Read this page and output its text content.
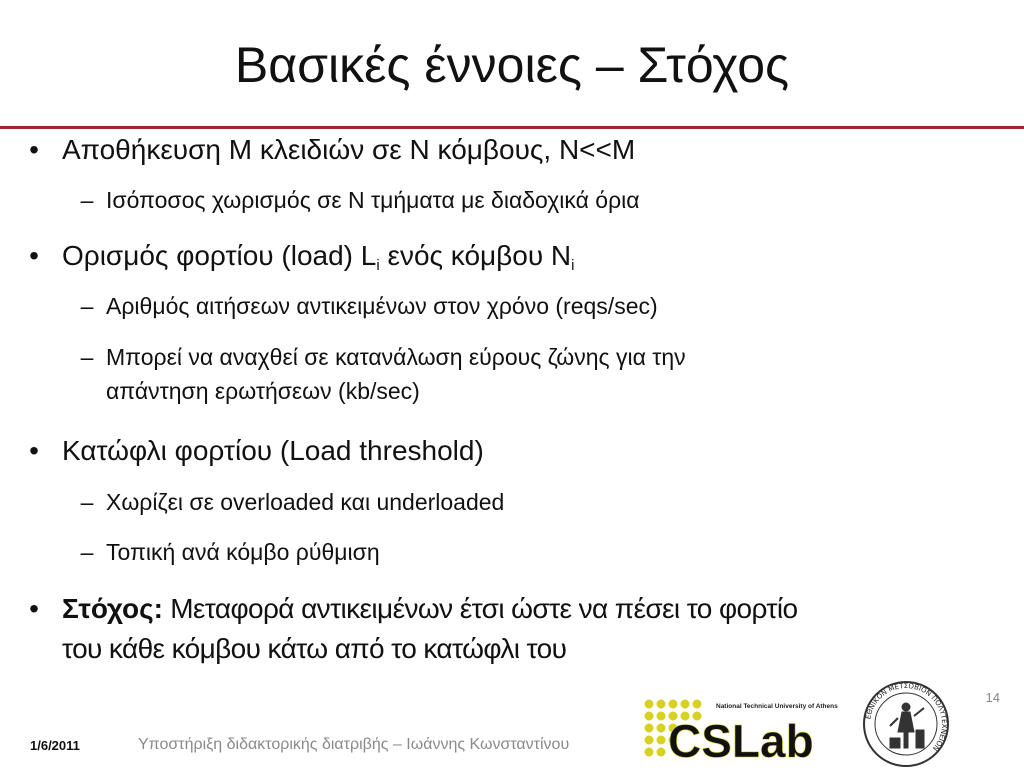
Βασικές έννοιες – Στόχος
• Αποθήκευση Μ κλειδιών σε Ν κόμβους, Ν<<Μ
– Ισόποσος χωρισμός σε Ν τμήματα με διαδοχικά όρια
• Ορισμός φορτίου (load) $L_i$ ενός κόμβου $N_i$
– Αριθμός αιτήσεων αντικειμένων στον χρόνο (reqs/sec)
– Μπορεί να αναχθεί σε κατανάλωση εύρους ζώνης για την
απάντηση ερωτήσεων (kb/sec)
• Κατώφλι φορτίου (Load threshold)
– Χωρίζει σε overloaded και underloaded
– Τοπική ανά κόμβο ρύθμιση
• Στόχος: Μεταφορά αντικειμένων έτσι ώστε να πέσει το φορτίο
του κάθε κόμβου κάτω από το κατώφλι του
14
1/6/2011	Υποστήριξη διδακτορικής διατριβής – Ιωάννης Κωνσταντίνου
National Technical University of Athens
CSLab	ΕΘΝΙΚΟΝ ΜΕΤΣΟΒΙΟΝ ΠΟΛΥΤΕΧΝΕΙΟΝ
